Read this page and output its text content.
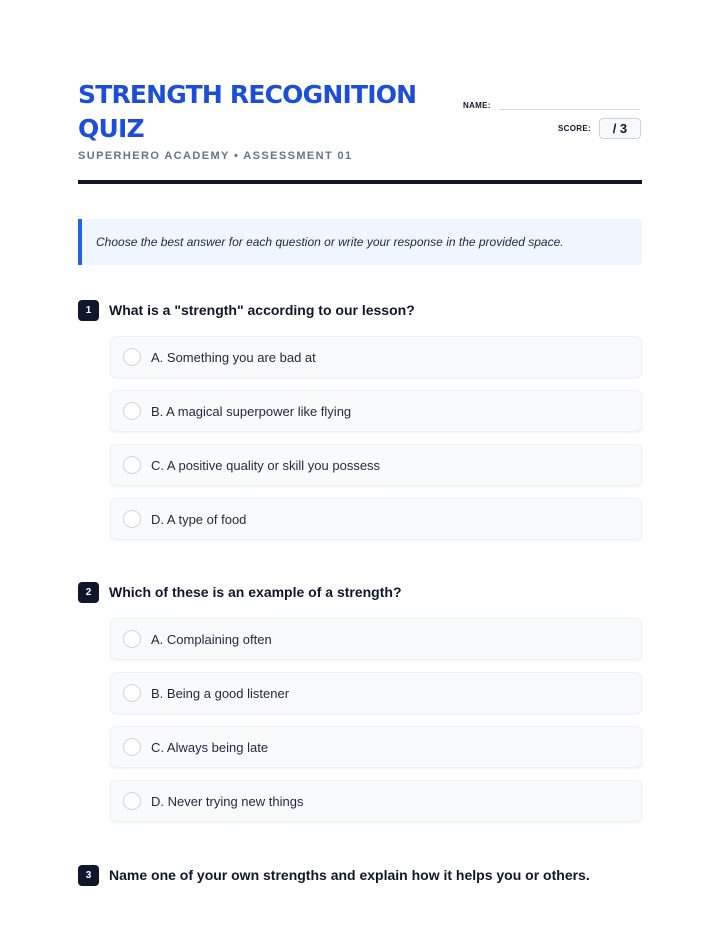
STRENGTH RECOGNITION QUIZ
SUPERHERO ACADEMY • ASSESSMENT 01
NAME:
SCORE:	/ 3
Choose the best answer for each question or write your response in the provided space.
1	What is a "strength" according to our lesson?
A. Something you are bad at
B. A magical superpower like flying
C. A positive quality or skill you possess
D. A type of food
2	Which of these is an example of a strength?
A. Complaining often
B. Being a good listener
C. Always being late
D. Never trying new things
3	Name one of your own strengths and explain how it helps you or others.
